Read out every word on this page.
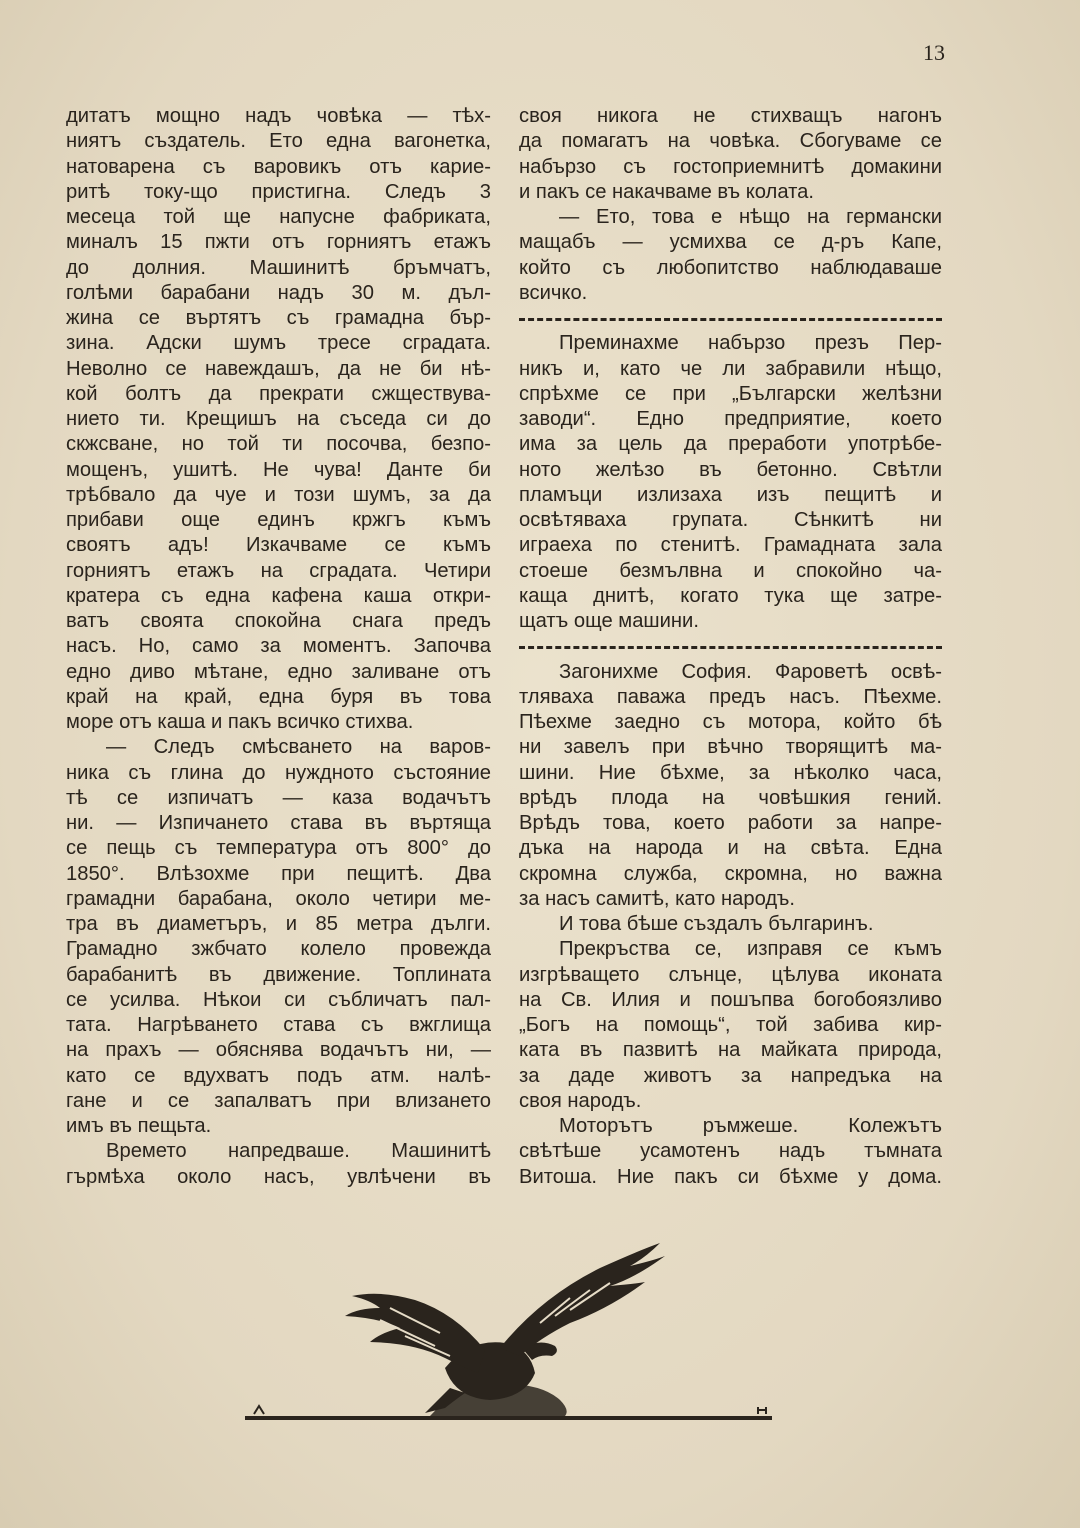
13
дитатъ мощно надъ човѣка — тѣх-
ниятъ създатель. Ето една вагонетка,
натоварена съ варовикъ отъ карие-
ритѣ току-що пристигна. Следъ 3
месеца той ще напусне фабриката,
миналъ 15 пжти отъ горниятъ етажъ
до долния. Машинитѣ бръмчатъ,
голѣми барабани надъ 30 м. дъл-
жина се въртятъ съ грамадна бър-
зина. Адски шумъ тресе сградата.
Неволно се навеждашъ, да не би нѣ-
кой болтъ да прекрати сжществува-
нието ти. Крещишъ на съседа си до
скжсване, но той ти посочва, безпо-
мощенъ, ушитѣ. Не чува! Данте би
трѣбвало да чуе и този шумъ, за да
прибави още единъ кржгъ къмъ
своятъ адъ! Изкачваме се къмъ
горниятъ етажъ на сградата. Четири
кратера съ една кафена каша откри-
ватъ своята спокойна снага предъ
насъ. Но, само за моментъ. Започва
едно диво мѣтане, едно заливане отъ
край на край, една буря въ това
море отъ каша и пакъ всичко стихва.
— Следъ смѣсването на варов-
ника съ глина до нуждното състояние
тѣ се изпичатъ — каза водачътъ
ни. — Изпичането става въ въртяща
се пещь съ температура отъ 800° до
1850°. Влѣзохме при пещитѣ. Два
грамадни барабана, около четири ме-
тра въ диаметъръ, и 85 метра дълги.
Грамадно зжбчато колело провежда
барабанитѣ въ движение. Топлината
се усилва. Нѣкои си събличатъ пал-
тата. Нагрѣването става съ вжглища
на прахъ — обяснява водачътъ ни, —
като се вдухватъ подъ атм. налѣ-
гане и се запалватъ при влизането
имъ въ пещьта.
Времето напредваше. Машинитѣ
гърмѣха около насъ, увлѣчени въ
своя никога не стихващъ нагонъ
да помагатъ на човѣка. Сбогуваме се
набързо съ гостоприемнитѣ домакини
и пакъ се накачваме въ колата.
— Ето, това е нѣщо на германски
мащабъ — усмихва се д-ръ Капе,
който съ любопитство наблюдаваше
всичко.
Преминахме набързо презъ Пер-
никъ и, като че ли забравили нѣщо,
спрѣхме се при „Български желѣзни
заводи“. Едно предприятие, което
има за цель да преработи употрѣбе-
ното желѣзо въ бетонно. Свѣтли
пламъци излизаха изъ пещитѣ и
освѣтяваха групата. Сѣнкитѣ ни
играеха по стенитѣ. Грамадната зала
стоеше безмълвна и спокойно ча-
каща днитѣ, когато тука ще затре-
щатъ още машини.
Загонихме София. Фаровeтѣ освѣ-
тляваха паважа предъ насъ. Пѣехме.
Пѣехме заедно съ мотора, който бѣ
ни завелъ при вѣчно творящитѣ ма-
шини. Ние бѣхме, за нѣколко часа,
врѣдъ плода на човѣшкия гений.
Врѣдъ това, което работи за напре-
дъка на народа и на свѣта. Една
скромна служба, скромна, но важна
за насъ самитѣ, като народъ.
И това бѣше създалъ българинъ.
Прекръства се, изправя се къмъ
изгрѣващето слънце, цѣлува иконата
на Св. Илия и пошъпва богобоязливо
„Богъ на помощь“, той забива кир-
ката въ пазвитѣ на майката природа,
за даде животъ за напредъка на
своя народъ.
Моторътъ ръмжеше. Колежътъ
свѣтѣше усамотенъ надъ тъмната
Витоша. Ние пакъ си бѣхме у дома.
